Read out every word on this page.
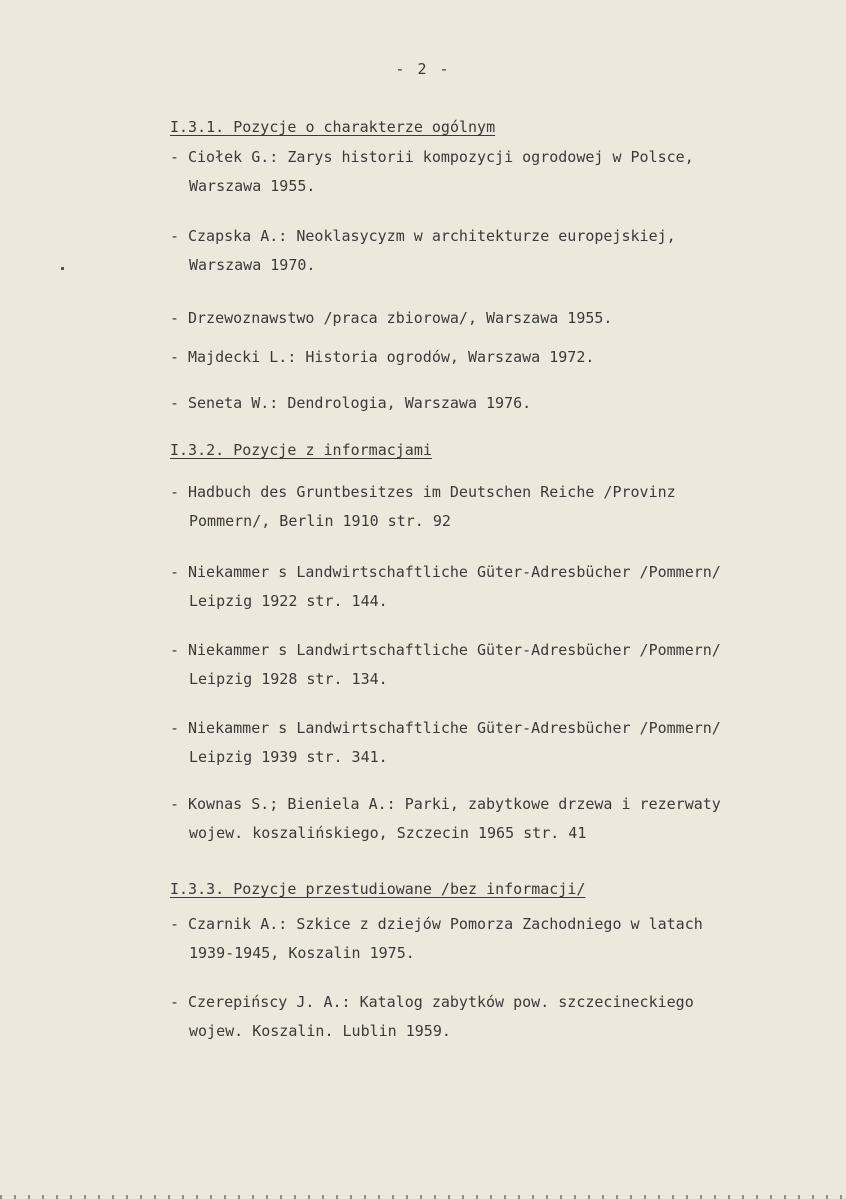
- 2 -
I.3.1. Pozycje o charakterze ogólnym
- Ciołek G.: Zarys historii kompozycji ogrodowej w Polsce,
Warszawa 1955.
- Czapska A.: Neoklasycyzm w architekturze europejskiej,
Warszawa 1970.
- Drzewoznawstwo /praca zbiorowa/, Warszawa 1955.
- Majdecki L.: Historia ogrodów, Warszawa 1972.
- Seneta W.: Dendrologia, Warszawa 1976.
I.3.2. Pozycje z informacjami
- Hadbuch des Gruntbesitzes im Deutschen Reiche /Provinz
Pommern/, Berlin 1910 str. 92
- Niekammer s Landwirtschaftliche Güter-Adresbücher /Pommern/
Leipzig 1922 str. 144.
- Niekammer s Landwirtschaftliche Güter-Adresbücher /Pommern/
Leipzig 1928 str. 134.
- Niekammer s Landwirtschaftliche Güter-Adresbücher /Pommern/
Leipzig 1939 str. 341.
- Kownas S.; Bieniela A.: Parki, zabytkowe drzewa i rezerwaty
wojew. koszalińskiego, Szczecin 1965 str. 41
I.3.3. Pozycje przestudiowane /bez informacji/
- Czarnik A.: Szkice z dziejów Pomorza Zachodniego w latach
1939-1945, Koszalin 1975.
- Czerepińscy J. A.: Katalog zabytków pow. szczecineckiego
wojew. Koszalin. Lublin 1959.
